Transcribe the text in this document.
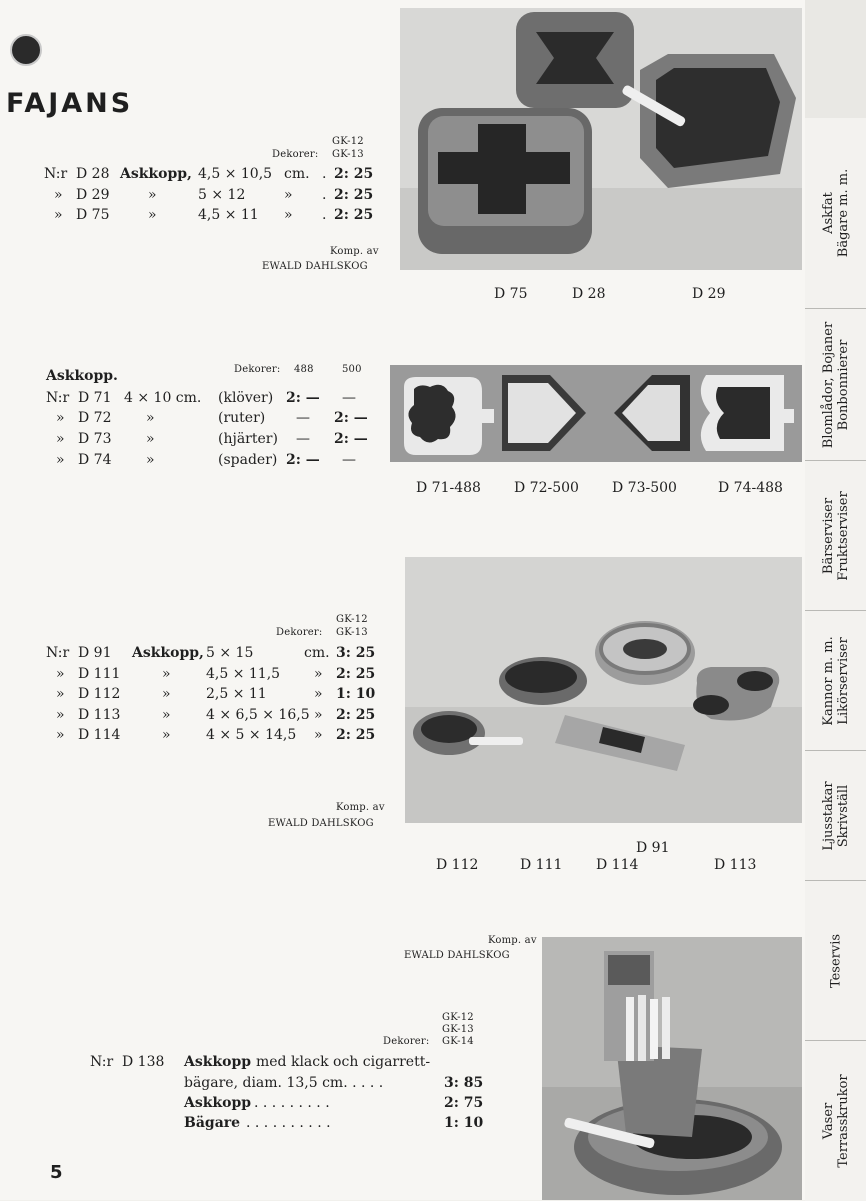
FAJANS
GK-12
Dekorer: GK-13
N:r D 28 Askkopp, 4,5 × 10,5 cm. . 2: 25
» D 29	»	5 × 12	» . 2: 25
» D 75	»	4,5 × 11 » . 2: 25
Komp. av
EWALD DAHLSKOG
D 75	D 28	D 29
Askkopp.	Dekorer: 488	500
N:r D 71 4 × 10 cm. (klöver) 2: — —
» D 72 »	(ruter) — 2: —
» D 73 »	(hjärter) — 2: —
» D 74 »	(spader) 2: — —
D 71-488 D 72-500 D 73-500	D 74-488
GK-12
Dekorer: GK-13
N:r D 91 Askkopp, 5 × 15	cm. 3: 25
» D 111	»	4,5 × 11,5 » 2: 25
» D 112	»	2,5 × 11	» 1: 10
» D 113	»	4 × 6,5 × 16,5 » 2: 25
» D 114	»	4 × 5 × 14,5 » 2: 25
Komp. av
EWALD DAHLSKOG
D 91
D 112	D 111 D 114	D 113
Komp. av
EWALD DAHLSKOG
GK-12
GK-13
Dekorer: GK-14
N:r D 138 Askkopp med klack och cigarrett-
bägare, diam. 13,5 cm. . . . .	3: 85
Askkopp . . . . . . . . .	2: 75
Bägare . . . . . . . . . .	1: 10
5
Askfat
Bägare m. m.
Blomlådor, Bojaner
Bonbonnierer
Bärserviser
Fruktserviser
Kannor m. m.
Likörserviser
Ljusstakar
Skrivställ
Teservis
Vaser
Terrasskrukor
